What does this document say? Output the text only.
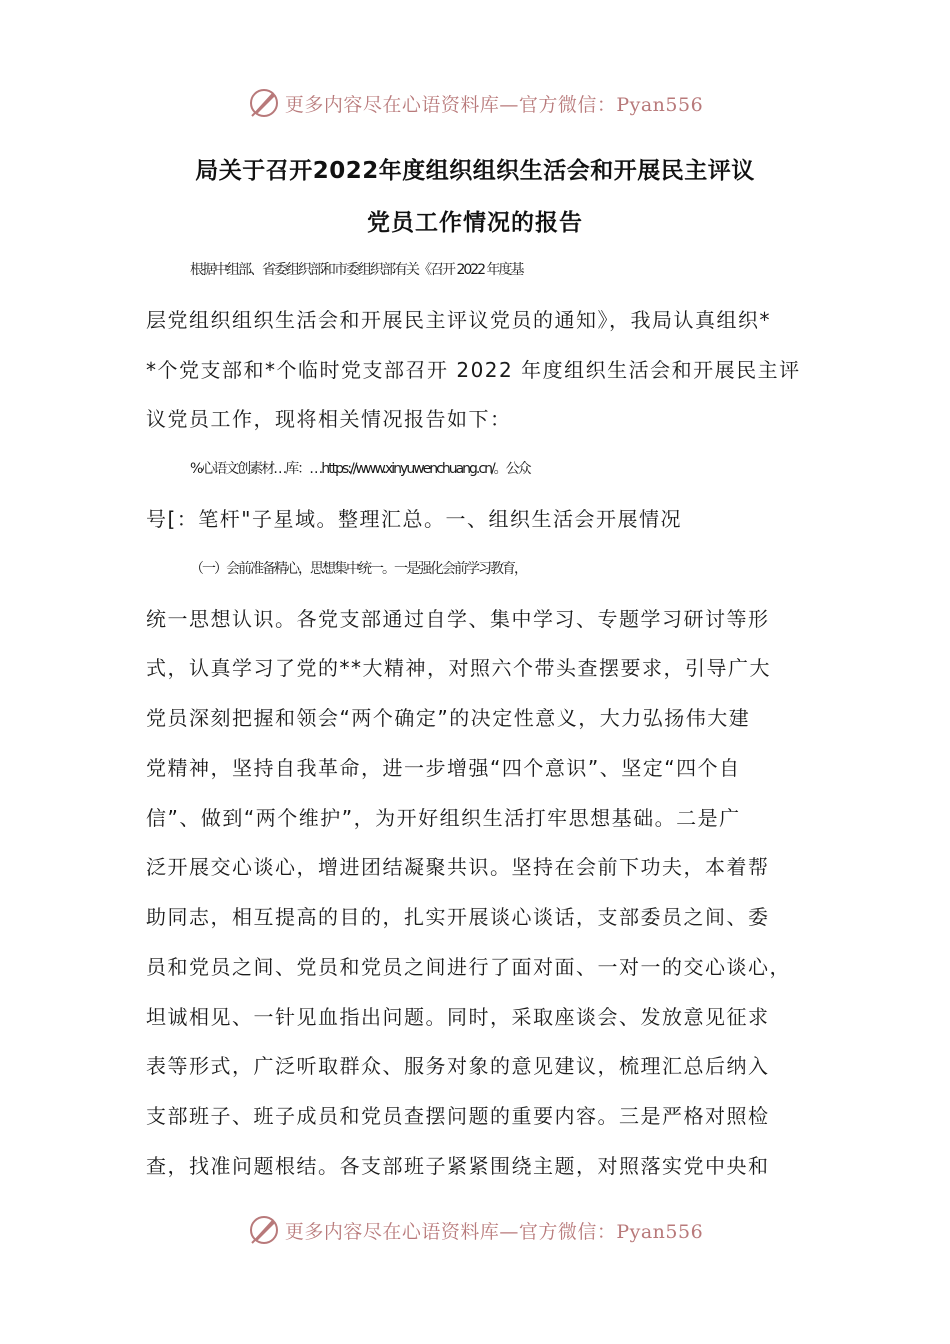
更多内容尽在心语资料库—官方微信：Pyan556
局关于召开2022年度组织组织生活会和开展民主评议
党员工作情况的报告
根据中组部、省委组织部和市委组织部有关《召开 2022 年度基
层党组织组织生活会和开展民主评议党员的通知》，我局认真组织*
*个党支部和*个临时党支部召开 2022 年度组织生活会和开展民主评
议党员工作，现将相关情况报告如下：
%心语文创素材…库：…https://www.xinyuwenchuang.cn/。公众
号[：笔杆"子星域。整理汇总。一、组织生活会开展情况
（一）会前准备精心，思想集中统一。一是强化会前学习教育，
统一思想认识。各党支部通过自学、集中学习、专题学习研讨等形
式，认真学习了党的**大精神，对照六个带头查摆要求，引导广大
党员深刻把握和领会“两个确定”的决定性意义，大力弘扬伟大建
党精神，坚持自我革命，进一步增强“四个意识”、坚定“四个自
信”、做到“两个维护”，为开好组织生活打牢思想基础。二是广
泛开展交心谈心，增进团结凝聚共识。坚持在会前下功夫，本着帮
助同志，相互提高的目的，扎实开展谈心谈话，支部委员之间、委
员和党员之间、党员和党员之间进行了面对面、一对一的交心谈心，
坦诚相见、一针见血指出问题。同时，采取座谈会、发放意见征求
表等形式，广泛听取群众、服务对象的意见建议，梳理汇总后纳入
支部班子、班子成员和党员查摆问题的重要内容。三是严格对照检
查，找准问题根结。各支部班子紧紧围绕主题，对照落实党中央和
更多内容尽在心语资料库—官方微信：Pyan556
